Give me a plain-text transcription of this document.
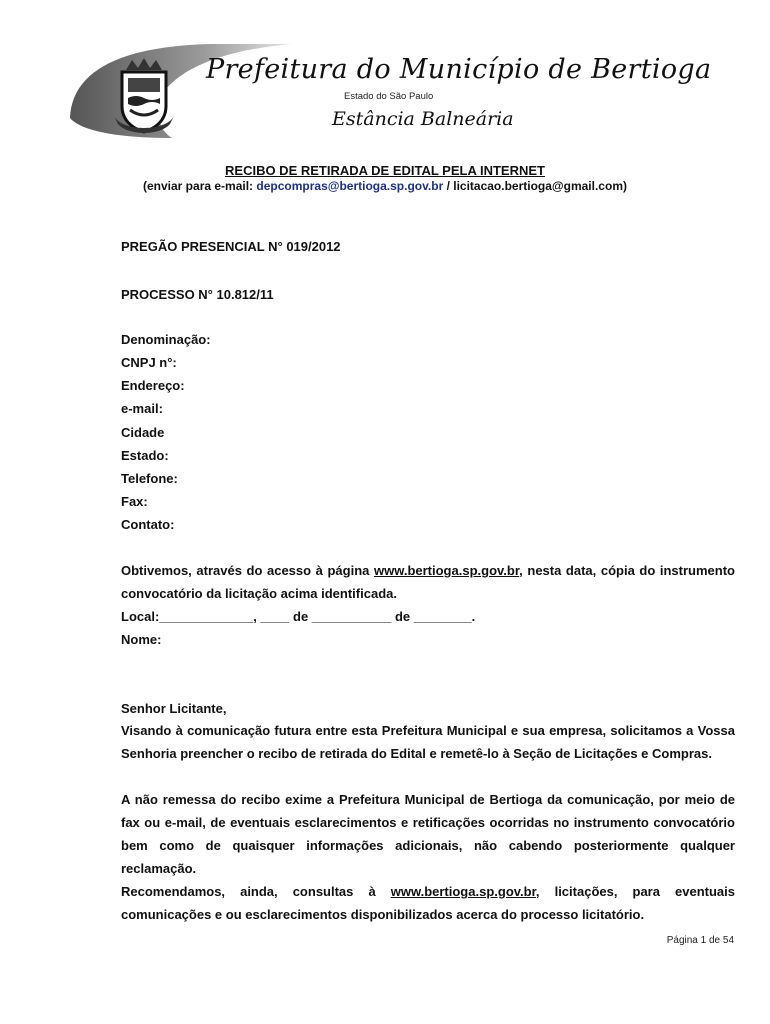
Prefeitura do Município de Bertioga
Estado do São Paulo
Estância Balneária
RECIBO DE RETIRADA DE EDITAL PELA INTERNET
(enviar para e-mail: depcompras@bertioga.sp.gov.br / licitacao.bertioga@gmail.com)
PREGÃO PRESENCIAL N° 019/2012
PROCESSO N° 10.812/11
Denominação:
CNPJ n°:
Endereço:
e-mail:
Cidade
Estado:
Telefone:
Fax:
Contato:
Obtivemos, através do acesso à página www.bertioga.sp.gov.br, nesta data, cópia do instrumento convocatório da licitação acima identificada.
Local:_____________, ____ de ___________ de ________.
Nome:
Senhor Licitante,
Visando à comunicação futura entre esta Prefeitura Municipal e sua empresa, solicitamos a Vossa Senhoria preencher o recibo de retirada do Edital e remetê-lo à Seção de Licitações e Compras.
A não remessa do recibo exime a Prefeitura Municipal de Bertioga da comunicação, por meio de fax ou e-mail, de eventuais esclarecimentos e retificações ocorridas no instrumento convocatório bem como de quaisquer informações adicionais, não cabendo posteriormente qualquer reclamação.
Recomendamos, ainda, consultas à www.bertioga.sp.gov.br, licitações, para eventuais comunicações e ou esclarecimentos disponibilizados acerca do processo licitatório.
Página 1 de 54
